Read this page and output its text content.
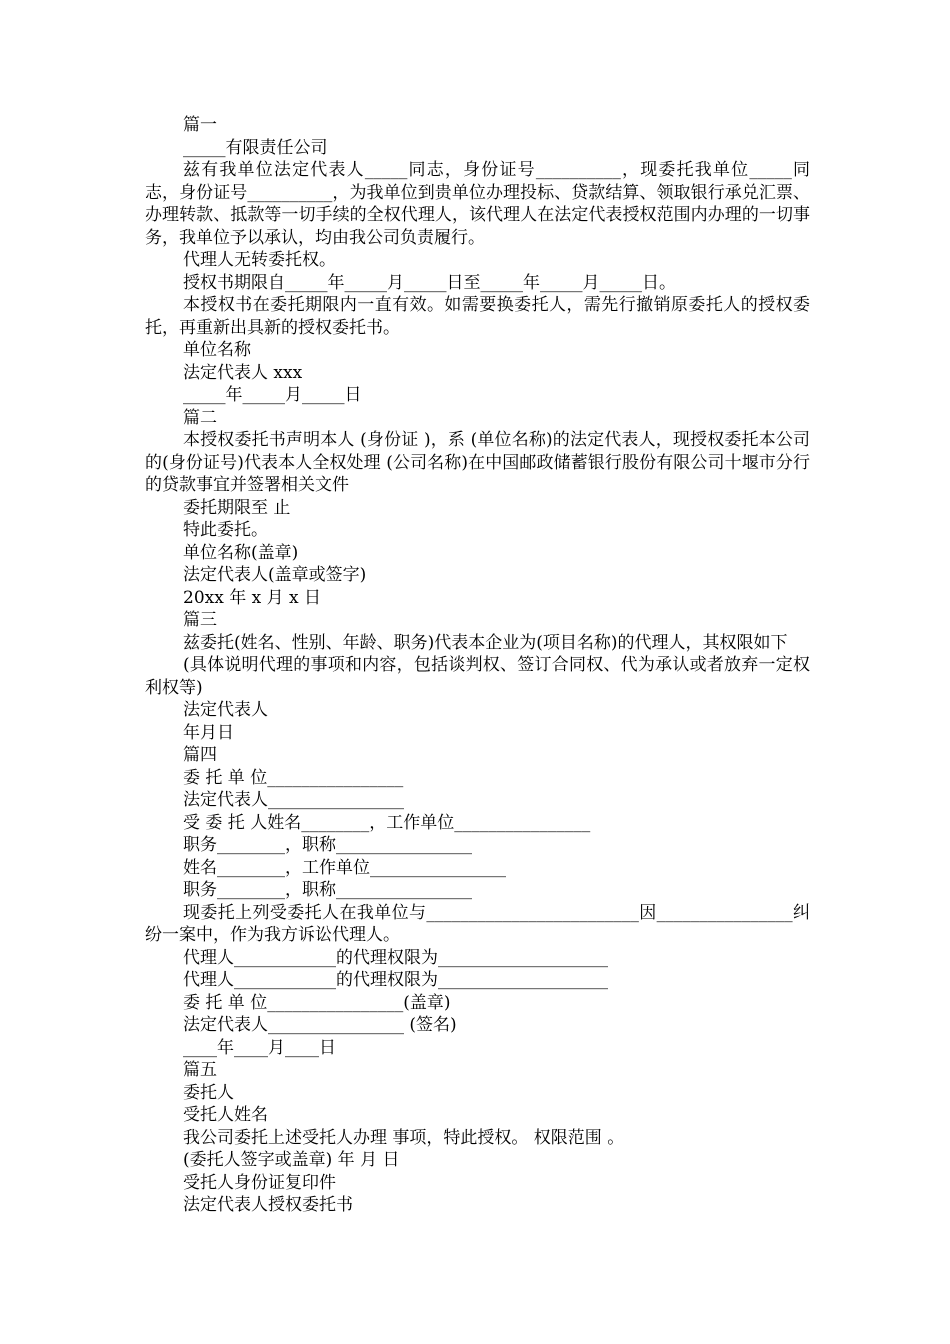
篇一
_____有限责任公司
兹有我单位法定代表人_____同志，身份证号__________，现委托我单位_____同志，身份证号__________，为我单位到贵单位办理投标、贷款结算、领取银行承兑汇票、办理转款、抵款等一切手续的全权代理人，该代理人在法定代表授权范围内办理的一切事务，我单位予以承认，均由我公司负责履行。
代理人无转委托权。
授权书期限自_____年_____月_____日至_____年_____月_____日。
本授权书在委托期限内一直有效。如需要换委托人，需先行撤销原委托人的授权委托，再重新出具新的授权委托书。
单位名称
法定代表人 xxx
_____年_____月_____日
篇二
本授权委托书声明本人 (身份证 )，系 (单位名称)的法定代表人，现授权委托本公司的(身份证号)代表本人全权处理 (公司名称)在中国邮政储蓄银行股份有限公司十堰市分行的贷款事宜并签署相关文件
委托期限至 止
特此委托。
单位名称(盖章)
法定代表人(盖章或签字)
20xx 年 x 月 x 日
篇三
兹委托(姓名、性别、年龄、职务)代表本企业为(项目名称)的代理人，其权限如下
(具体说明代理的事项和内容，包括谈判权、签订合同权、代为承认或者放弃一定权利权等)
法定代表人
年月日
篇四
委 托 单 位________________
法定代表人________________
受 委 托 人姓名________，工作单位________________
职务________，职称________________
姓名________，工作单位________________
职务________，职称________________
现委托上列受委托人在我单位与_________________________因________________纠纷一案中，作为我方诉讼代理人。
代理人____________的代理权限为____________________
代理人____________的代理权限为____________________
委 托 单 位________________(盖章)
法定代表人________________ (签名)
____年____月____日
篇五
委托人
受托人姓名
我公司委托上述受托人办理 事项，特此授权。 权限范围 。
(委托人签字或盖章) 年 月 日
受托人身份证复印件
法定代表人授权委托书
